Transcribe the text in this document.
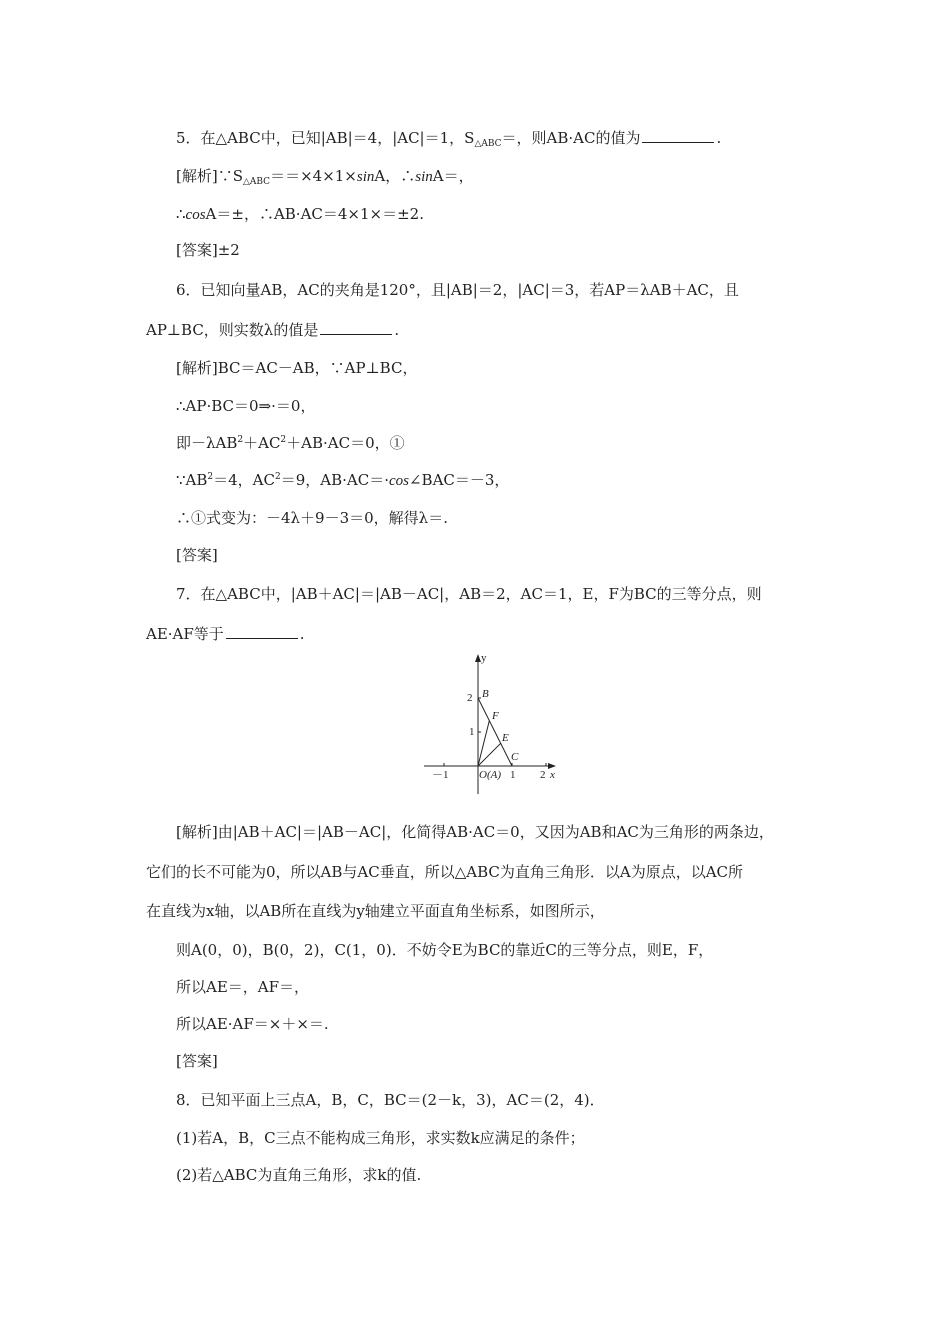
5．在△ABC中，已知|AB|＝4，|AC|＝1，$S_{\triangle ABC}=$，则AB·AC的值为	.
[解析]$\because S_{\triangle ABC}==\times 4\times 1\times\sin A$，∴sinA＝，
∴cosA＝±，∴AB·AC＝4×1×＝±2.
[答案]±2
6．已知向量AB，AC的夹角是120°，且|AB|＝2，|AC|＝3，若AP＝λAB＋AC，且
AP⊥BC，则实数λ的值是	.
[解析]BC＝AC－AB，∵AP⊥BC，
∴AP·BC＝0⇒·＝0，
即$-\lambda AB^2+AC^2+AB\cdot AC=0$，①
$\because AB^2=4$，$AC^2=9$，AB·AC＝·cos∠BAC＝－3，
∴①式变为：－4λ＋9－3＝0，解得λ＝.
[答案]
7．在△ABC中，|AB＋AC|＝|AB－AC|，AB＝2，AC＝1，E，F为BC的三等分点，则
AE·AF等于	.
y
x
2
1
－1	1 2
O(A)
B
F
E
C
[解析]由|AB＋AC|＝|AB－AC|，化简得AB·AC＝0，又因为AB和AC为三角形的两条边，
它们的长不可能为0，所以AB与AC垂直，所以△ABC为直角三角形．以A为原点，以AC所
在直线为x轴，以AB所在直线为y轴建立平面直角坐标系，如图所示，
则A(0，0)，B(0，2)，C(1，0)．不妨令E为BC的靠近C的三等分点，则E，F，
所以AE＝，AF＝，
所以AE·AF＝×＋×＝.
[答案]
8．已知平面上三点A，B，C，BC＝(2－k，3)，AC＝(2，4)．
(1)若A，B，C三点不能构成三角形，求实数k应满足的条件；
(2)若△ABC为直角三角形，求k的值.
